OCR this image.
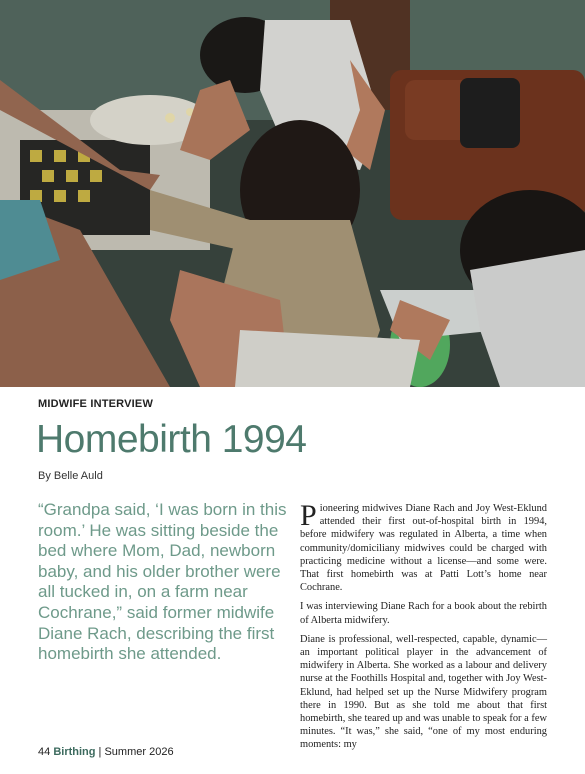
MIDWIFE INTERVIEW
Homebirth 1994
By Belle Auld

“Grandpa said, ‘I was born in this room.’ He was sitting beside the bed where Mom, Dad, newborn baby, and his older brother were all tucked in, on a farm near Cochrane,” said former midwife Diane Rach, describing the first homebirth she attended.

Pioneering midwives Diane Rach and Joy West-Eklund attended their first out-of-hospital birth in 1994, before midwifery was regulated in Alberta, a time when community/domiciliany midwives could be charged with practicing medicine without a license—and some were. That first homebirth was at Patti Lott’s home near Cochrane.

I was interviewing Diane Rach for a book about the rebirth of Alberta midwifery.

Diane is professional, well-respected, capable, dynamic—an important political player in the advancement of midwifery in Alberta. She worked as a labour and delivery nurse at the Foothills Hospital and, together with Joy West-Eklund, had helped set up the Nurse Midwifery program there in 1990. But as she told me about that first homebirth, she teared up and was unable to speak for a few minutes. “It was,” she said, “one of my most enduring moments: my

44 Birthing | Summer 2026
